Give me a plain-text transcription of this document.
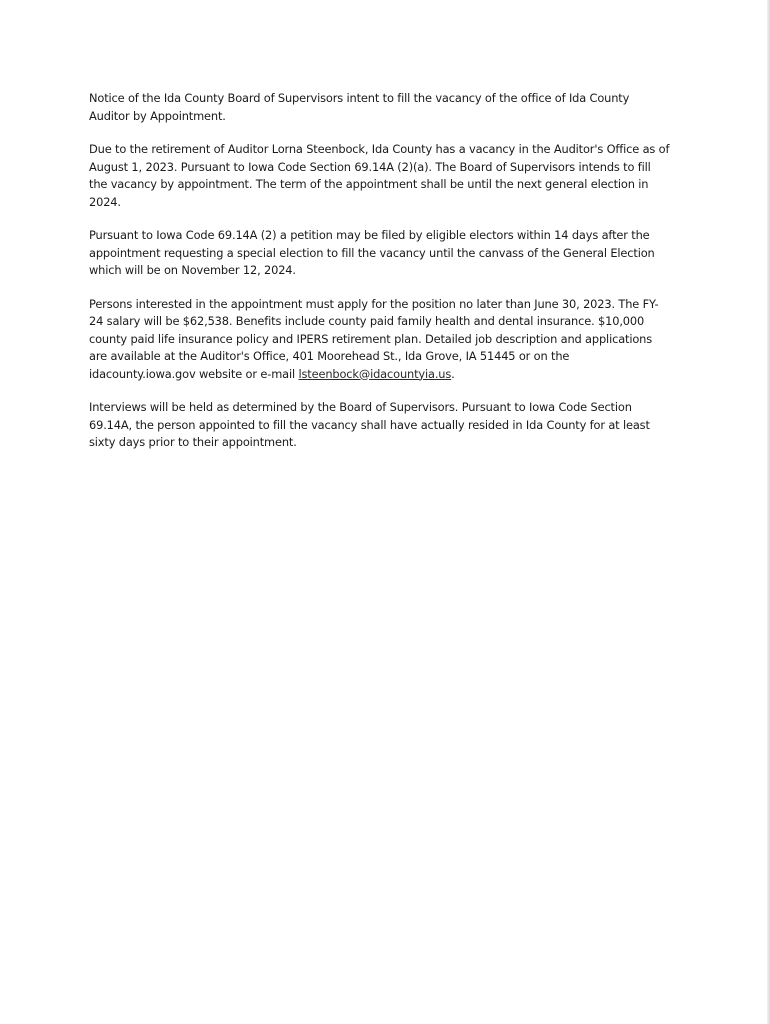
Notice of the Ida County Board of Supervisors intent to fill the vacancy of the office of Ida County
Auditor by Appointment.

Due to the retirement of Auditor Lorna Steenbock, Ida County has a vacancy in the Auditor's Office as of
August 1, 2023. Pursuant to Iowa Code Section 69.14A (2)(a). The Board of Supervisors intends to fill
the vacancy by appointment. The term of the appointment shall be until the next general election in
2024.

Pursuant to Iowa Code 69.14A (2) a petition may be filed by eligible electors within 14 days after the
appointment requesting a special election to fill the vacancy until the canvass of the General Election
which will be on November 12, 2024.

Persons interested in the appointment must apply for the position no later than June 30, 2023. The FY-
24 salary will be $62,538. Benefits include county paid family health and dental insurance. $10,000
county paid life insurance policy and IPERS retirement plan. Detailed job description and applications
are available at the Auditor's Office, 401 Moorehead St., Ida Grove, IA 51445 or on the
idacounty.iowa.gov website or e-mail lsteenbock@idacountyia.us.

Interviews will be held as determined by the Board of Supervisors. Pursuant to Iowa Code Section
69.14A, the person appointed to fill the vacancy shall have actually resided in Ida County for at least
sixty days prior to their appointment.
